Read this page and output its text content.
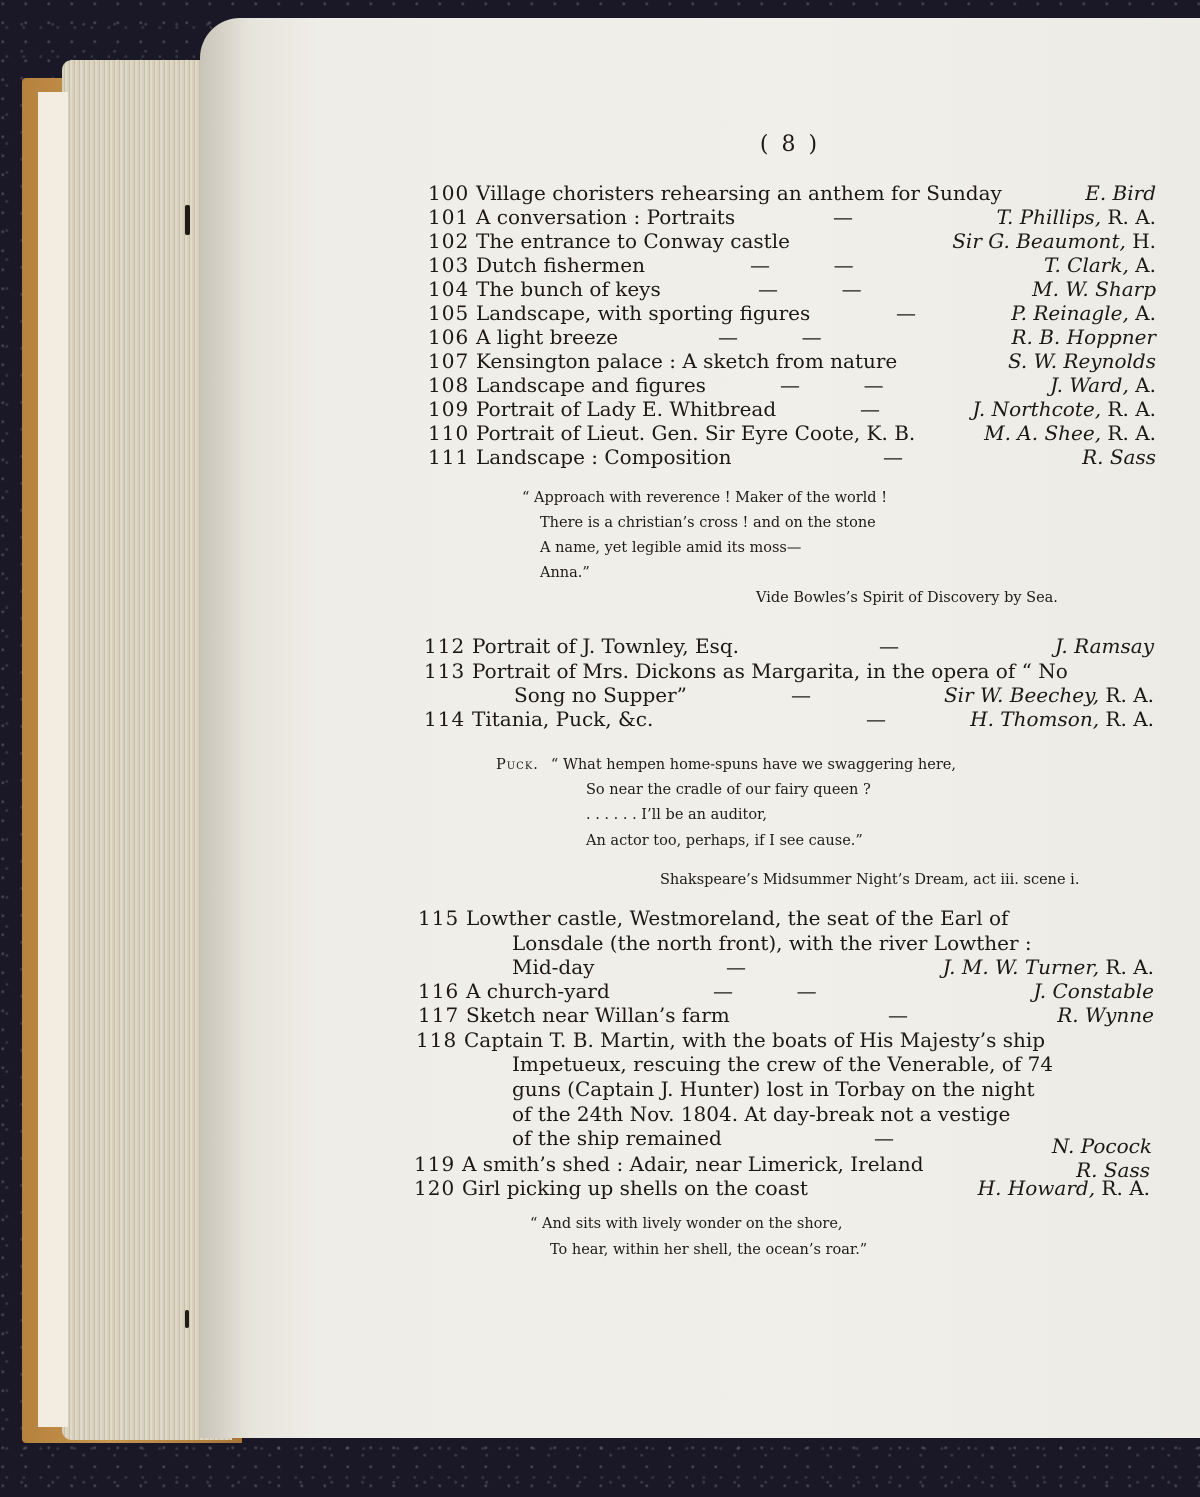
( 8 )
100 Village choristers rehearsing an anthem for Sunday	E. Bird
101 A conversation : Portraits	—	T. Phillips, R. A.
102 The entrance to Conway castle	Sir G. Beaumont, H.
103 Dutch fishermen	—          —	T. Clark, A.
104 The bunch of keys	—          —	M. W. Sharp
105 Landscape, with sporting figures	—	P. Reinagle, A.
106 A light breeze	—          —	R. B. Hoppner
107 Kensington palace : A sketch from nature	S. W. Reynolds
108 Landscape and figures	—          —	J. Ward, A.
109 Portrait of Lady E. Whitbread	—	J. Northcote, R. A.
110 Portrait of Lieut. Gen. Sir Eyre Coote, K. B.	M. A. Shee, R. A.
111 Landscape : Composition	—	R. Sass
“ Approach with reverence ! Maker of the world !
There is a christian’s cross ! and on the stone
A name, yet legible amid its moss—
Anna.”
Vide Bowles’s Spirit of Discovery by Sea.
112 Portrait of J. Townley, Esq.	—	J. Ramsay
113 Portrait of Mrs. Dickons as Margarita, in the opera of “ No
Song no Supper”	—	Sir W. Beechey, R. A.
114 Titania, Puck, &c.	—	H. Thomson, R. A.
Puck. “ What hempen home-spuns have we swaggering here,
So near the cradle of our fairy queen ?
. . . . . . I’ll be an auditor,
An actor too, perhaps, if I see cause.”
Shakspeare’s Midsummer Night’s Dream, act iii. scene i.
115 Lowther castle, Westmoreland, the seat of the Earl of
Lonsdale (the north front), with the river Lowther :
Mid-day	—	J. M. W. Turner, R. A.
116 A church-yard	—          —	J. Constable
117 Sketch near Willan’s farm	—	R. Wynne
118 Captain T. B. Martin, with the boats of His Majesty’s ship
Impetueux, rescuing the crew of the Venerable, of 74
guns (Captain J. Hunter) lost in Torbay on the night
of the 24th Nov. 1804. At day-break not a vestige
of the ship remained	—	N. Pocock
119 A smith’s shed : Adair, near Limerick, Ireland	R. Sass
120 Girl picking up shells on the coast	H. Howard, R. A.
“ And sits with lively wonder on the shore,
To hear, within her shell, the ocean’s roar.”
